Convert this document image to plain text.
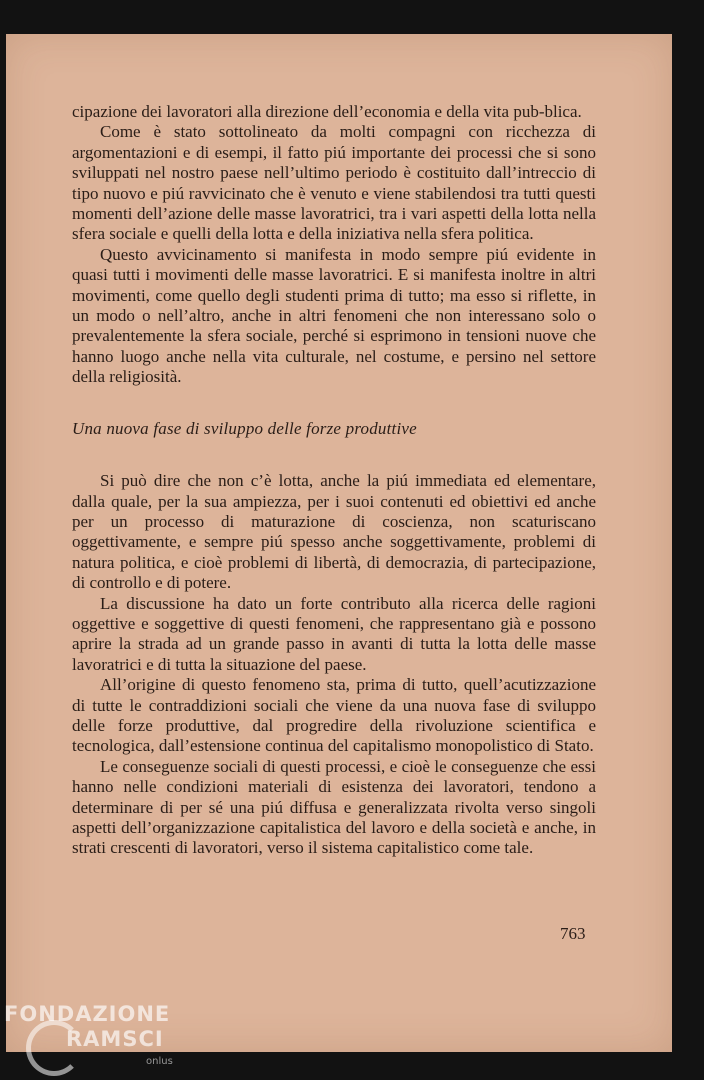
cipazione dei lavoratori alla direzione dell’economia e della vita pub-blica.

Come è stato sottolineato da molti compagni con ricchezza di argomentazioni e di esempi, il fatto piú importante dei processi che si sono sviluppati nel nostro paese nell’ultimo periodo è costituito dall’intreccio di tipo nuovo e piú ravvicinato che è venuto e viene stabilendosi tra tutti questi momenti dell’azione delle masse lavoratrici, tra i vari aspetti della lotta nella sfera sociale e quelli della lotta e della iniziativa nella sfera politica.

Questo avvicinamento si manifesta in modo sempre piú evidente in quasi tutti i movimenti delle masse lavoratrici. E si manifesta inoltre in altri movimenti, come quello degli studenti prima di tutto; ma esso si riflette, in un modo o nell’altro, anche in altri fenomeni che non interessano solo o prevalentemente la sfera sociale, perché si esprimono in tensioni nuove che hanno luogo anche nella vita culturale, nel costume, e persino nel settore della religiosità.

Una nuova fase di sviluppo delle forze produttive

Si può dire che non c’è lotta, anche la piú immediata ed elementare, dalla quale, per la sua ampiezza, per i suoi contenuti ed obiettivi ed anche per un processo di maturazione di coscienza, non scaturiscano oggettivamente, e sempre piú spesso anche soggettivamente, problemi di natura politica, e cioè problemi di libertà, di democrazia, di partecipazione, di controllo e di potere.

La discussione ha dato un forte contributo alla ricerca delle ragioni oggettive e soggettive di questi fenomeni, che rappresentano già e possono aprire la strada ad un grande passo in avanti di tutta la lotta delle masse lavoratrici e di tutta la situazione del paese.

All’origine di questo fenomeno sta, prima di tutto, quell’acutizzazione di tutte le contraddizioni sociali che viene da una nuova fase di sviluppo delle forze produttive, dal progredire della rivoluzione scientifica e tecnologica, dall’estensione continua del capitalismo monopolistico di Stato.

Le conseguenze sociali di questi processi, e cioè le conseguenze che essi hanno nelle condizioni materiali di esistenza dei lavoratori, tendono a determinare di per sé una piú diffusa e generalizzata rivolta verso singoli aspetti dell’organizzazione capitalistica del lavoro e della società e anche, in strati crescenti di lavoratori, verso il sistema capitalistico come tale.

763
FONDAZIONE
RAMSCI
onlus
